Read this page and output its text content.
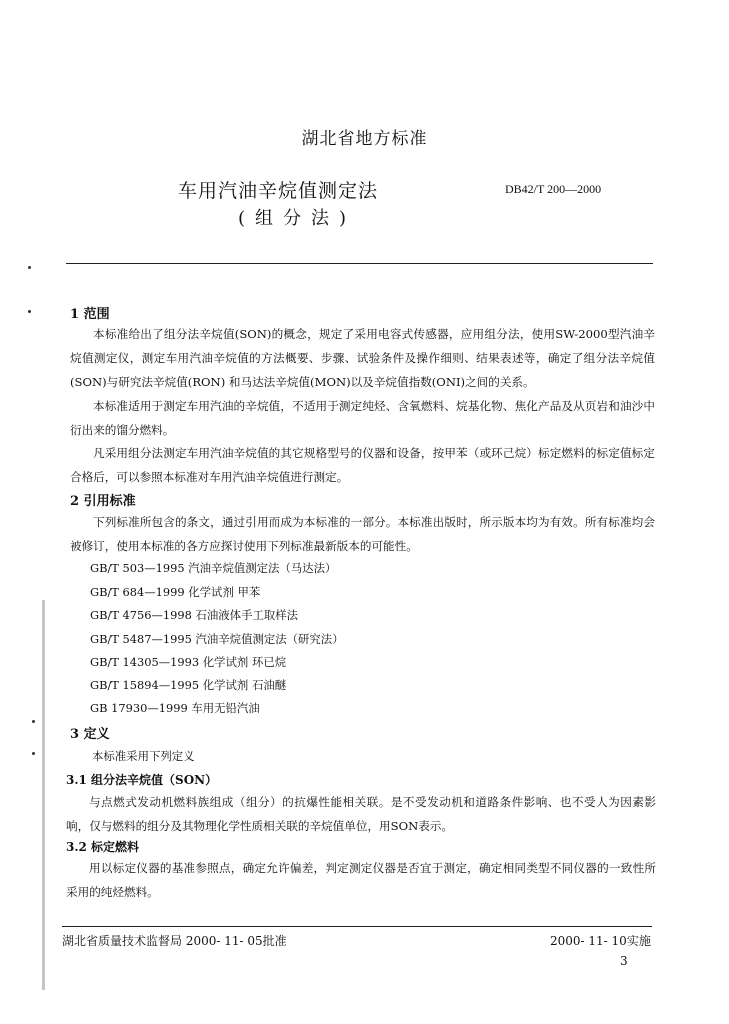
湖北省地方标准
车用汽油辛烷值测定法	DB42/T 200—2000
(组分法)
1 范围
本标准给出了组分法辛烷值(SON)的概念，规定了采用电容式传感器，应用组分法，使用SW-2000型汽油辛烷值测定仪，测定车用汽油辛烷值的方法概要、步骤、试验条件及操作细则、结果表述等，确定了组分法辛烷值(SON)与研究法辛烷值(RON) 和马达法辛烷值(MON)以及辛烷值指数(ONI)之间的关系。
本标准适用于测定车用汽油的辛烷值，不适用于测定纯烃、含氧燃料、烷基化物、焦化产品及从页岩和油沙中衍出来的馏分燃料。
凡采用组分法测定车用汽油辛烷值的其它规格型号的仪器和设备，按甲苯（或环己烷）标定燃料的标定值标定合格后，可以参照本标准对车用汽油辛烷值进行测定。
2 引用标准
下列标准所包含的条文，通过引用而成为本标准的一部分。本标准出版时，所示版本均为有效。所有标准均会被修订，使用本标准的各方应探讨使用下列标准最新版本的可能性。
GB/T 503—1995 汽油辛烷值测定法（马达法）
GB/T 684—1999 化学试剂 甲苯
GB/T 4756—1998 石油液体手工取样法
GB/T 5487—1995 汽油辛烷值测定法（研究法）
GB/T 14305—1993 化学试剂 环已烷
GB/T 15894—1995 化学试剂 石油醚
GB 17930—1999 车用无铅汽油
3 定义
本标准采用下列定义
3.1 组分法辛烷值（SON）
与点燃式发动机燃料族组成（组分）的抗爆性能相关联。是不受发动机和道路条件影响、也不受人为因素影响，仅与燃料的组分及其物理化学性质相关联的辛烷值单位，用SON表示。
3.2 标定燃料
用以标定仪器的基准参照点，确定允许偏差，判定测定仪器是否宜于测定，确定相同类型不同仪器的一致性所采用的纯烃燃料。
湖北省质量技术监督局 2000- 11- 05批准	2000- 11- 10实施
3
